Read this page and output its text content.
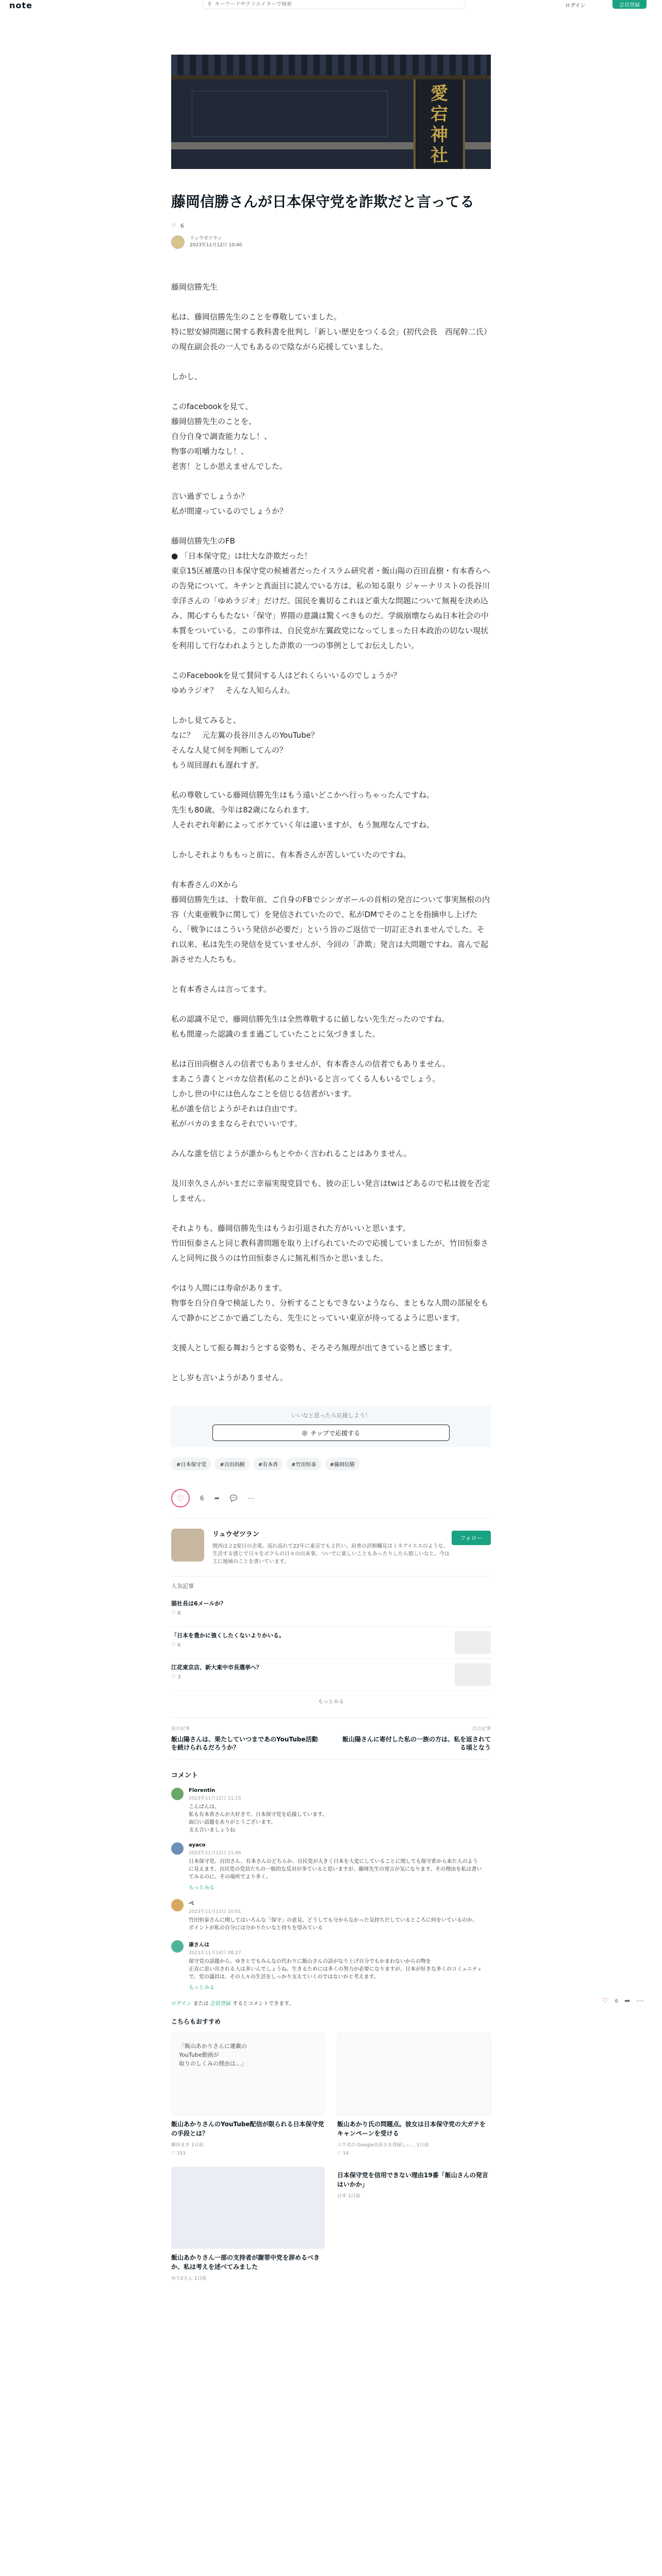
note	⚲
キーワードやクリエイターで検索	ログイン	会員登録
愛
宕
神
社
藤岡信勝さんが日本保守党を詐欺だと言ってる
♡ 6
リュウゼツラン
2023年11月12日 10:40

藤岡信勝先生

私は、藤岡信勝先生のことを尊敬していました。

特に慰安婦問題に関する教科書を批判し「新しい歴史をつくる会」(初代会長　西尾幹二氏）の現在副会長の一人でもあるので陰ながら応援していました。

しかし、

このfacebookを見て、

藤岡信勝先生のことを、

自分自身で調査能力なし！、

物事の咀嚼力なし！、

老害！としか思えませんでした。

言い過ぎでしょうか？

私が間違っているのでしょうか？

藤岡信勝先生のFB

● 「日本保守党」は壮大な詐欺だった！

東京15区補選の日本保守党の候補者だったイスラム研究者・飯山陽の百田直樹・有本香らへの告発について。キチンと真面目に読んでいる方は、私の知る限り ジャーナリストの長谷川幸洋さんの「ゆめラジオ」だけだ。国民を裏切るこれほど重大な問題について無視を決め込み、関心すらもたない「保守」界隈の意識は驚くべきものだ。学級崩壊ならぬ日本社会の中本質をついている。この事件は、自民党が左翼政党になってしまった日本政治の切ない現状を利用して行なわれようとした詐欺の一つの事例としてお伝えしたい。

このFacebookを見て賛同する人はどれくらいいるのでしょうか？

ゆめラジオ？　そんな人知らんわ。

しかし見てみると、

なに？　元左翼の長谷川さんのYouTube？

そんな人見て何を判断してんの？

もう周回遅れも遅れすぎ。

私の尊敬している藤岡信勝先生はもう遠いどこかへ行っちゃったんですね。

先生も80歳、今年は82歳になられます。

人それぞれ年齢によってボケていく年は違いますが、もう無理なんですね。

しかしそれよりももっと前に、有本香さんが苦しいていたのですね。

有本香さんのXから

藤岡信勝先生は、十数年前、ご自身のFBでシンガポールの首相の発言について事実無根の内容（大東亜戦争に関して）を発信されていたので、私がDMでそのことを指摘申し上げたら、「戦争にはこういう発信が必要だ」という旨のご返信で一切訂正されませんでした。それ以来、私は先生の発信を見ていませんが、今回の「詐欺」発言は大問題ですね。喜んで起訴させた人たちも。

と有本香さんは言ってます。

私の認識不足で、藤岡信勝先生は全然尊敬するに値しない先生だったのですね。

私も間違った認識のまま過ごしていたことに気づきました。

私は百田尚樹さんの信者でもありませんが、有本香さんの信者でもありません。

まあこう書くとバカな信者(私のことが)いると言ってくる人もいるでしょう。

しかし世の中には色んなことを信じる信者がいます。

私が誰を信じようがそれは自由です。

私がバカのままならそれでいいです。

みんな誰を信じようが誰からもとやかく言われることはありません。

及川幸久さんがいまだに幸福実現党員でも、彼の正しい発言はtwはどあるので私は彼を否定しません。

それよりも、藤岡信勝先生はもうお引退された方がいいと思います。

竹田恒泰さんと同じ教科書問題を取り上げられていたので応援していましたが、竹田恒泰さんと同列に扱うのは竹田恒泰さんに無礼相当かと思いました。

やはり人間には寿命があります。

物事を自分自身で検証したり、分析することもできないようなら、まともな人間の部屋をもんで静かにどこかで過ごしたら、先生にとっていい東京が待ってるように思います。

支援人として振る舞おうとする姿勢も、そろそろ無理が出てきていると感じます。

とし岁も言いようがありません。

いいなと思ったら応援しよう！
◎ チップで応援する
#日本保守党	#百田尚樹	#有本香	#竹田恒泰	#藤岡信勝
♡	6 ➦ 💬 ⋯
リュウゼツラン
関西は２2度目の企業。流れ流れて22年に東京でも２匹い。肩書の詳細欄見はミネアイエスのような、生活する感じで日々をボクらの日々の出来事。ついでに楽しいこともあったりしたら嬉しいなと。今は主に地域のことを書いています。
フォロー
人気記事
猫社長は6メールか？
♡ 8
「日本を豊かに強くしたくないよりかいる。
♡ 6
江花東京店、新大東中市長選挙へ？
♡ 3
もっとみる
前の記事
飯山陽さんは、果たしていつまであのYouTube活動を続けられるだろうか？
次の記事
飯山陽さんに寄付した私の一族の方は、私を返されてる頃となう
コメント
Florentin
2023年11月12日 11:15
こんばんは。
私も有本香さんが大好きで、日本保守党を応援しています。
面白い話題をありがとうございます。
支え合いましょうね
ayaco
2023年11月12日 11:46
日本保守党、百田さん、有本さんのどちらか、自民党が大きく日本を大変にしていることに関しても保守系から来た人のように見えます。自民党の党員たちの一般的な反対が多ていると思いますが、藤岡先生の発言が気になります、その理由を私は書いてみるのに、その場所でより多く。
もっとみる
べ
2023年11月13日 10:01
竹田恒泰さんに関してはいろんな「保守」の意見、どうしても分からなかった気持ちだしているところに何をいているのか、
ポイントが私の自分には分かりたいなと持ちを望みている
康さんは
2023年11月14日 08:27
保守党の話題から、ゆきとでもみんなの代わりに飯山さんの話がなり上げ自分でもかまわないからの物を
正直に思い出される人は多いんでしょうね。生きるためには多くの努力が必要になりますが、日本が好きな多くのコミュニティで、党の議員は、その人々の生活をしっかり支えていくのではないかと考えます。
もっとみる
ログイン または 会員登録 するとコメントできます。
こちらもおすすめ
「飯山あかりさんに連載の
YouTube動画が
取りのしくみの理由は…」
飯山あかりさんのYouTube配信が限られる日本保守党の手段とは？
藤田まき 1日前
♡ 151
飯山あかり氏の問題点。彼女は日本保守党の大ガテをキャンペーンを受ける
ユウ君の Google社員さま登録しぃ... 1日前
♡ 14
飯山あかりさん一部の支持者が謝罪中党を辞めるべきか、私は考えを述べてみました
ゆり2さん 1日前
日本保守党を信用できない理由19番「飯山さんの発言はいかか」
日本 1日前
♡ 6 ➦ ⋯
